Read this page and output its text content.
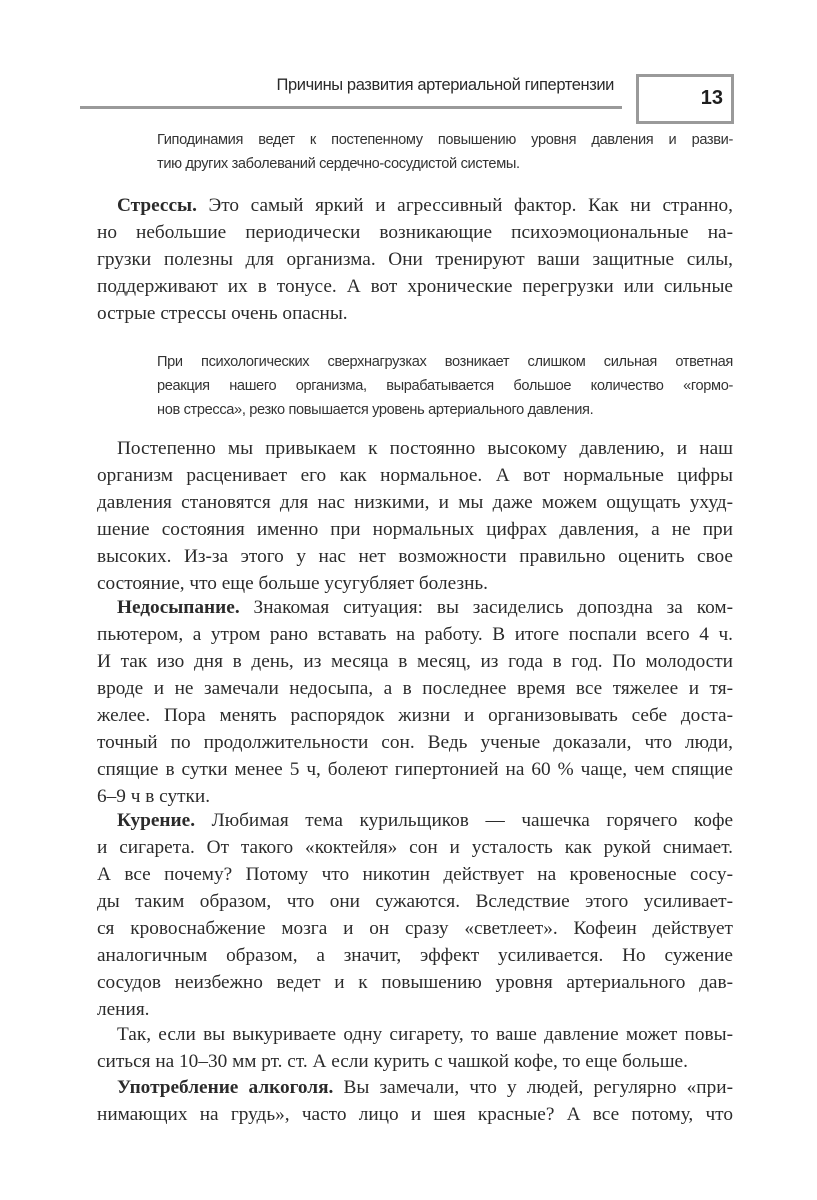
Причины развития артериальной гипертензии
13
Гиподинамия ведет к постепенному повышению уровня давления и разви-
тию других заболеваний сердечно-сосудистой системы.
Стрессы. Это самый яркий и агрессивный фактор. Как ни странно,
но небольшие периодически возникающие психоэмоциональные на-
грузки полезны для организма. Они тренируют ваши защитные силы,
поддерживают их в тонусе. А вот хронические перегрузки или сильные
острые стрессы очень опасны.
При психологических сверхнагрузках возникает слишком сильная ответная
реакция нашего организма, вырабатывается большое количество «гормо-
нов стресса», резко повышается уровень артериального давления.
Постепенно мы привыкаем к постоянно высокому давлению, и наш
организм расценивает его как нормальное. А вот нормальные цифры
давления становятся для нас низкими, и мы даже можем ощущать ухуд-
шение состояния именно при нормальных цифрах давления, а не при
высоких. Из-за этого у нас нет возможности правильно оценить свое
состояние, что еще больше усугубляет болезнь.
Недосыпание. Знакомая ситуация: вы засиделись допоздна за ком-
пьютером, а утром рано вставать на работу. В итоге поспали всего 4 ч.
И так изо дня в день, из месяца в месяц, из года в год. По молодости
вроде и не замечали недосыпа, а в последнее время все тяжелее и тя-
желее. Пора менять распорядок жизни и организовывать себе доста-
точный по продолжительности сон. Ведь ученые доказали, что люди,
спящие в сутки менее 5 ч, болеют гипертонией на 60 % чаще, чем спящие
6–9 ч в сутки.
Курение. Любимая тема курильщиков — чашечка горячего кофе
и сигарета. От такого «коктейля» сон и усталость как рукой снимает.
А все почему? Потому что никотин действует на кровеносные сосу-
ды таким образом, что они сужаются. Вследствие этого усиливает-
ся кровоснабжение мозга и он сразу «светлеет». Кофеин действует
аналогичным образом, а значит, эффект усиливается. Но сужение
сосудов неизбежно ведет и к повышению уровня артериального дав-
ления.
Так, если вы выкуриваете одну сигарету, то ваше давление может повы-
ситься на 10–30 мм рт. ст. А если курить с чашкой кофе, то еще больше.
Употребление алкоголя. Вы замечали, что у людей, регулярно «при-
нимающих на грудь», часто лицо и шея красные? А все потому, что
